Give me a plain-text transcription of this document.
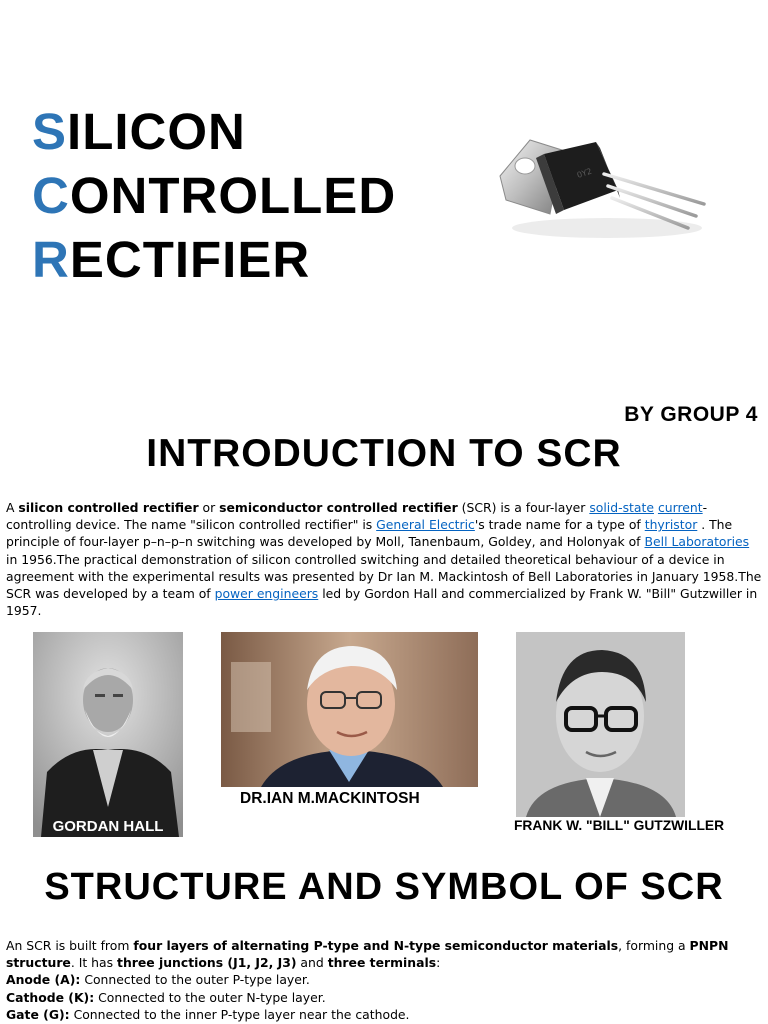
SILICON
CONTROLLED
RECTIFIER
0Y2
BY GROUP 4
INTRODUCTION TO SCR

A silicon controlled rectifier or semiconductor controlled rectifier (SCR) is a four-layer solid-state current-controlling device. The name "silicon controlled rectifier" is General Electric's trade name for a type of thyristor . The principle of four-layer p–n–p–n switching was developed by Moll, Tanenbaum, Goldey, and Holonyak of Bell Laboratories in 1956.The practical demonstration of silicon controlled switching and detailed theoretical behaviour of a device in agreement with the experimental results was presented by Dr Ian M. Mackintosh of Bell Laboratories in January 1958.The SCR was developed by a team of power engineers led by Gordon Hall and commercialized by Frank W. "Bill" Gutzwiller in 1957.

GORDAN HALL
DR.IAN M.MACKINTOSH
FRANK W. "BILL" GUTZWILLER
STRUCTURE AND SYMBOL OF SCR
An SCR is built from four layers of alternating P-type and N-type semiconductor materials, forming a PNPN structure. It has three junctions (J1, J2, J3) and three terminals:
Anode (A): Connected to the outer P-type layer.
Cathode (K): Connected to the outer N-type layer.
Gate (G): Connected to the inner P-type layer near the cathode.
